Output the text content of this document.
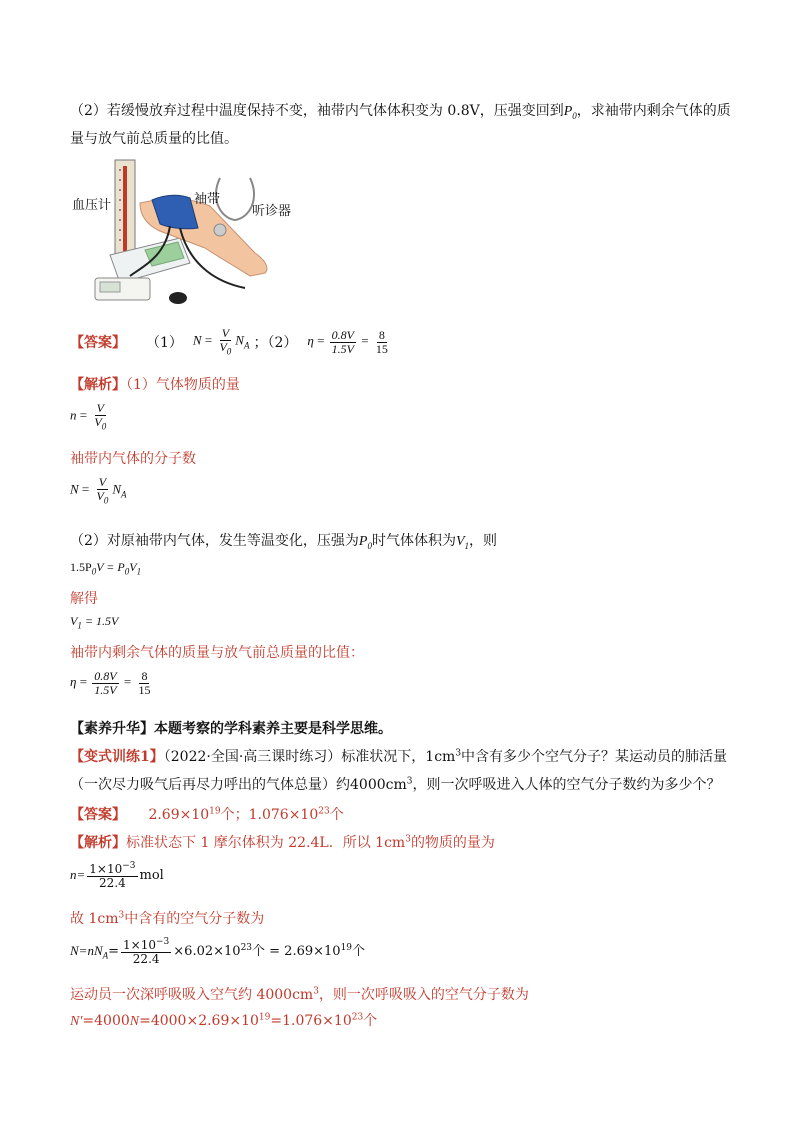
（2）若缓慢放弃过程中温度保持不变，袖带内气体体积变为 0.8V，压强变回到$P_0$，求袖带内剩余气体的质
量与放气前总质量的比值。
血压计	袖带
听诊器
【答案】 （1） $N = \frac{V}{V_0} N_A$ ；（2） $\eta = \frac{0.8V}{1.5V} = \frac{8}{15}$
【解析】（1）气体物质的量
$n = \frac{V}{V_0}$
袖带内气体的分子数
$N = \frac{V}{V_0} N_A$
（2）对原袖带内气体，发生等温变化，压强为$P_0$时气体体积为$V_1$，则
$1.5P_0V = P_0V_1$
解得
$V_1 = 1.5V$
袖带内剩余气体的质量与放气前总质量的比值：
$\eta = \frac{0.8V}{1.5V} = \frac{8}{15}$
【素养升华】本题考察的学科素养主要是科学思维。
【变式训练1】（2022·全国·高三课时练习）标准状况下，$1cm^3$中含有多少个空气分子？某运动员的肺活量
（一次尽力吸气后再尽力呼出的气体总量）约$4000cm^3$，则一次呼吸进入人体的空气分子数约为多少个？
【答案】 $2.69\times 10^{19}$个；$1.076\times 10^{23}$个
【解析】标准状态下 1 摩尔体积为 22.4L．所以 $1cm^3$的物质的量为
$n= \frac{1\times 10^{-3}}{22.4}$ mol
故 $1cm^3$中含有的空气分子数为
$N=nN_A= \frac{1\times 10^{-3}}{22.4} \times 6.02\times 10^{23}$个 = $2.69\times 10^{19}$个
运动员一次深呼吸吸入空气约 $4000cm^3$，则一次呼吸吸入的空气分子数为
$N'=4000N=4000\times 2.69\times 10^{19}=1.076\times 10^{23}$个
